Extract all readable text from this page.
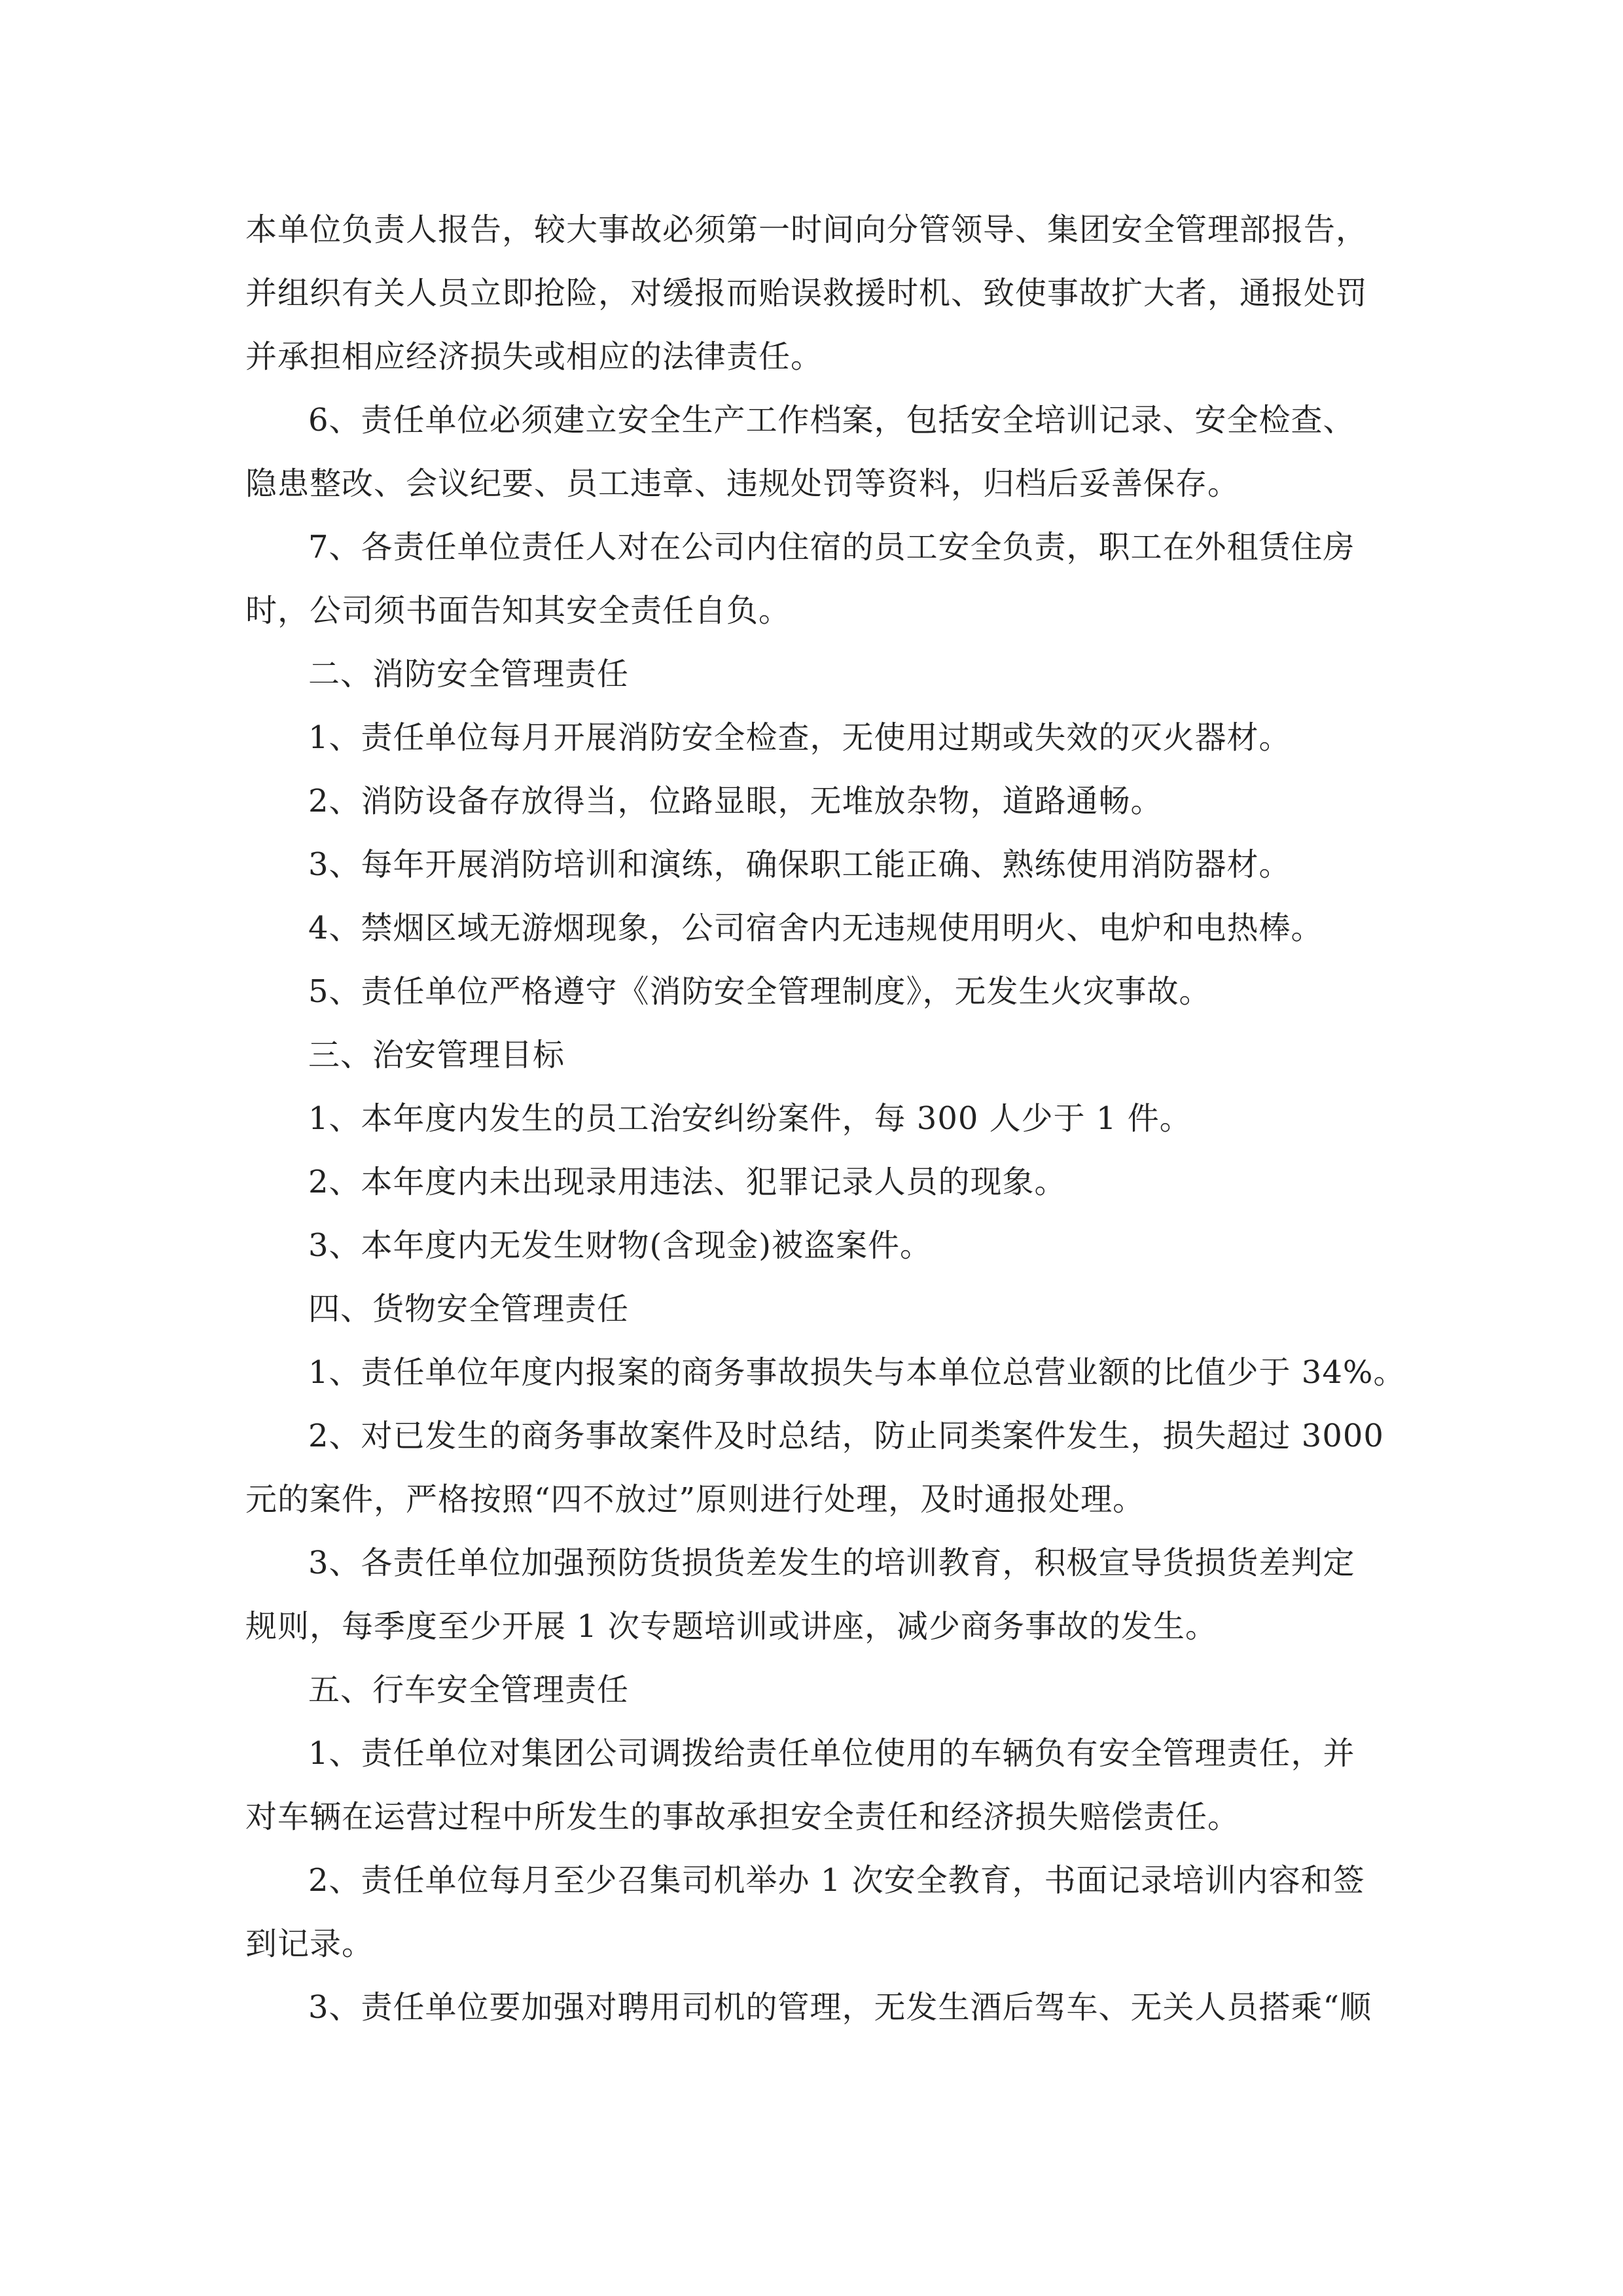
本单位负责人报告，较大事故必须第一时间向分管领导、集团安全管理部报告，
并组织有关人员立即抢险，对缓报而贻误救援时机、致使事故扩大者，通报处罚
并承担相应经济损失或相应的法律责任。

6、责任单位必须建立安全生产工作档案，包括安全培训记录、安全检查、
隐患整改、会议纪要、员工违章、违规处罚等资料，归档后妥善保存。

7、各责任单位责任人对在公司内住宿的员工安全负责，职工在外租赁住房
时，公司须书面告知其安全责任自负。

二、消防安全管理责任

1、责任单位每月开展消防安全检查，无使用过期或失效的灭火器材。

2、消防设备存放得当，位路显眼，无堆放杂物，道路通畅。

3、每年开展消防培训和演练，确保职工能正确、熟练使用消防器材。

4、禁烟区域无游烟现象，公司宿舍内无违规使用明火、电炉和电热棒。

5、责任单位严格遵守《消防安全管理制度》，无发生火灾事故。

三、治安管理目标

1、本年度内发生的员工治安纠纷案件，每 300 人少于 1 件。

2、本年度内未出现录用违法、犯罪记录人员的现象。

3、本年度内无发生财物(含现金)被盗案件。

四、货物安全管理责任

1、责任单位年度内报案的商务事故损失与本单位总营业额的比值少于 34%。

2、对已发生的商务事故案件及时总结，防止同类案件发生，损失超过 3000
元的案件，严格按照“四不放过”原则进行处理，及时通报处理。

3、各责任单位加强预防货损货差发生的培训教育，积极宣导货损货差判定
规则，每季度至少开展 1 次专题培训或讲座，减少商务事故的发生。

五、行车安全管理责任

1、责任单位对集团公司调拨给责任单位使用的车辆负有安全管理责任，并
对车辆在运营过程中所发生的事故承担安全责任和经济损失赔偿责任。

2、责任单位每月至少召集司机举办 1 次安全教育，书面记录培训内容和签
到记录。

3、责任单位要加强对聘用司机的管理，无发生酒后驾车、无关人员搭乘“顺
